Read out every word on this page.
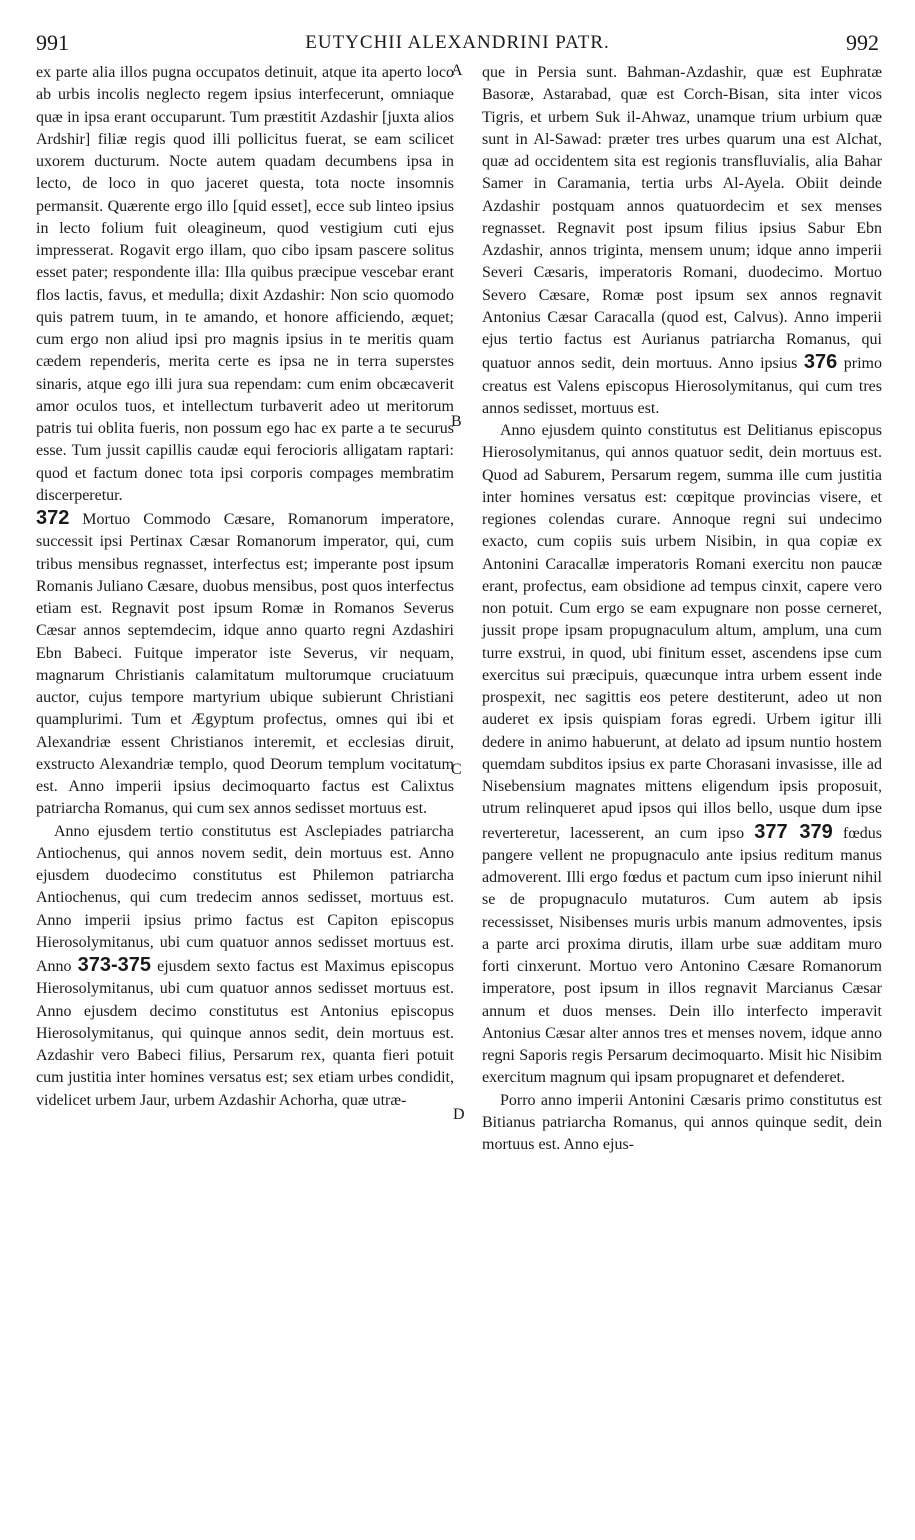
991	EUTYCHII ALEXANDRINI PATR.	992
A
B
C
D

ex parte alia illos pugna occupatos detinuit, atque ita aperto loco ab urbis incolis neglecto regem ipsius interfecerunt, omniaque quæ in ipsa erant occuparunt. Tum præstitit Azdashir [juxta alios Ardshir] filiæ regis quod illi pollicitus fuerat, se eam scilicet uxorem ducturum. Nocte autem quadam decumbens ipsa in lecto, de loco in quo jaceret questa, tota nocte insomnis permansit. Quærente ergo illo [quid esset], ecce sub linteo ipsius in lecto folium fuit oleagineum, quod vestigium cuti ejus impresserat. Rogavit ergo illam, quo cibo ipsam pascere solitus esset pater; respondente illa: Illa quibus præcipue vescebar erant flos lactis, favus, et medulla; dixit Azdashir: Non scio quomodo quis patrem tuum, in te amando, et honore afficiendo, æquet; cum ergo non aliud ipsi pro magnis ipsius in te meritis quam cædem rependeris, merita certe es ipsa ne in terra superstes sinaris, atque ego illi jura sua rependam: cum enim obcæcaverit amor oculos tuos, et intellectum turbaverit adeo ut meritorum patris tui oblita fueris, non possum ego hac ex parte a te securus esse. Tum jussit capillis caudæ equi ferocioris alligatam raptari: quod et factum donec tota ipsi corporis compages membratim discerperetur.

372 Mortuo Commodo Cæsare, Romanorum imperatore, successit ipsi Pertinax Cæsar Romanorum imperator, qui, cum tribus mensibus regnasset, interfectus est; imperante post ipsum Romanis Juliano Cæsare, duobus mensibus, post quos interfectus etiam est. Regnavit post ipsum Romæ in Romanos Severus Cæsar annos septemdecim, idque anno quarto regni Azdashiri Ebn Babeci. Fuitque imperator iste Severus, vir nequam, magnarum Christianis calamitatum multorumque cruciatuum auctor, cujus tempore martyrium ubique subierunt Christiani quamplurimi. Tum et Ægyptum profectus, omnes qui ibi et Alexandriæ essent Christianos interemit, et ecclesias diruit, exstructo Alexandriæ templo, quod Deorum templum vocitatum est. Anno imperii ipsius decimoquarto factus est Calixtus patriarcha Romanus, qui cum sex annos sedisset mortuus est.

Anno ejusdem tertio constitutus est Asclepiades patriarcha Antiochenus, qui annos novem sedit, dein mortuus est. Anno ejusdem duodecimo constitutus est Philemon patriarcha Antiochenus, qui cum tredecim annos sedisset, mortuus est. Anno imperii ipsius primo factus est Capiton episcopus Hierosolymitanus, ubi cum quatuor annos sedisset mortuus est. Anno 373-375 ejusdem sexto factus est Maximus episcopus Hierosolymitanus, ubi cum quatuor annos sedisset mortuus est. Anno ejusdem decimo constitutus est Antonius episcopus Hierosolymitanus, qui quinque annos sedit, dein mortuus est. Azdashir vero Babeci filius, Persarum rex, quanta fieri potuit cum justitia inter homines versatus est; sex etiam urbes condidit, videlicet urbem Jaur, urbem Azdashir Achorha, quæ utræ-

que in Persia sunt. Bahman-Azdashir, quæ est Euphratæ Basoræ, Astarabad, quæ est Corch-Bisan, sita inter vicos Tigris, et urbem Suk il-Ahwaz, unamque trium urbium quæ sunt in Al-Sawad: præter tres urbes quarum una est Alchat, quæ ad occidentem sita est regionis transfluvialis, alia Bahar Samer in Caramania, tertia urbs Al-Ayela. Obiit deinde Azdashir postquam annos quatuordecim et sex menses regnasset. Regnavit post ipsum filius ipsius Sabur Ebn Azdashir, annos triginta, mensem unum; idque anno imperii Severi Cæsaris, imperatoris Romani, duodecimo. Mortuo Severo Cæsare, Romæ post ipsum sex annos regnavit Antonius Cæsar Caracalla (quod est, Calvus). Anno imperii ejus tertio factus est Aurianus patriarcha Romanus, qui quatuor annos sedit, dein mortuus. Anno ipsius 376 primo creatus est Valens episcopus Hierosolymitanus, qui cum tres annos sedisset, mortuus est.

Anno ejusdem quinto constitutus est Delitianus episcopus Hierosolymitanus, qui annos quatuor sedit, dein mortuus est. Quod ad Saburem, Persarum regem, summa ille cum justitia inter homines versatus est: cœpitque provincias visere, et regiones colendas curare. Annoque regni sui undecimo exacto, cum copiis suis urbem Nisibin, in qua copiæ ex Antonini Caracallæ imperatoris Romani exercitu non paucæ erant, profectus, eam obsidione ad tempus cinxit, capere vero non potuit. Cum ergo se eam expugnare non posse cerneret, jussit prope ipsam propugnaculum altum, amplum, una cum turre exstrui, in quod, ubi finitum esset, ascendens ipse cum exercitus sui præcipuis, quæcunque intra urbem essent inde prospexit, nec sagittis eos petere destiterunt, adeo ut non auderet ex ipsis quispiam foras egredi. Urbem igitur illi dedere in animo habuerunt, at delato ad ipsum nuntio hostem quemdam subditos ipsius ex parte Chorasani invasisse, ille ad Nisebensium magnates mittens eligendum ipsis proposuit, utrum relinqueret apud ipsos qui illos bello, usque dum ipse reverteretur, lacesserent, an cum ipso 377 379 fœdus pangere vellent ne propugnaculo ante ipsius reditum manus admoverent. Illi ergo fœdus et pactum cum ipso inierunt nihil se de propugnaculo mutaturos. Cum autem ab ipsis recessisset, Nisibenses muris urbis manum admoventes, ipsis a parte arci proxima dirutis, illam urbe suæ additam muro forti cinxerunt. Mortuo vero Antonino Cæsare Romanorum imperatore, post ipsum in illos regnavit Marcianus Cæsar annum et duos menses. Dein illo interfecto imperavit Antonius Cæsar alter annos tres et menses novem, idque anno regni Saporis regis Persarum decimoquarto. Misit hic Nisibim exercitum magnum qui ipsam propugnaret et defenderet.

Porro anno imperii Antonini Cæsaris primo constitutus est Bitianus patriarcha Romanus, qui annos quinque sedit, dein mortuus est. Anno ejus-
